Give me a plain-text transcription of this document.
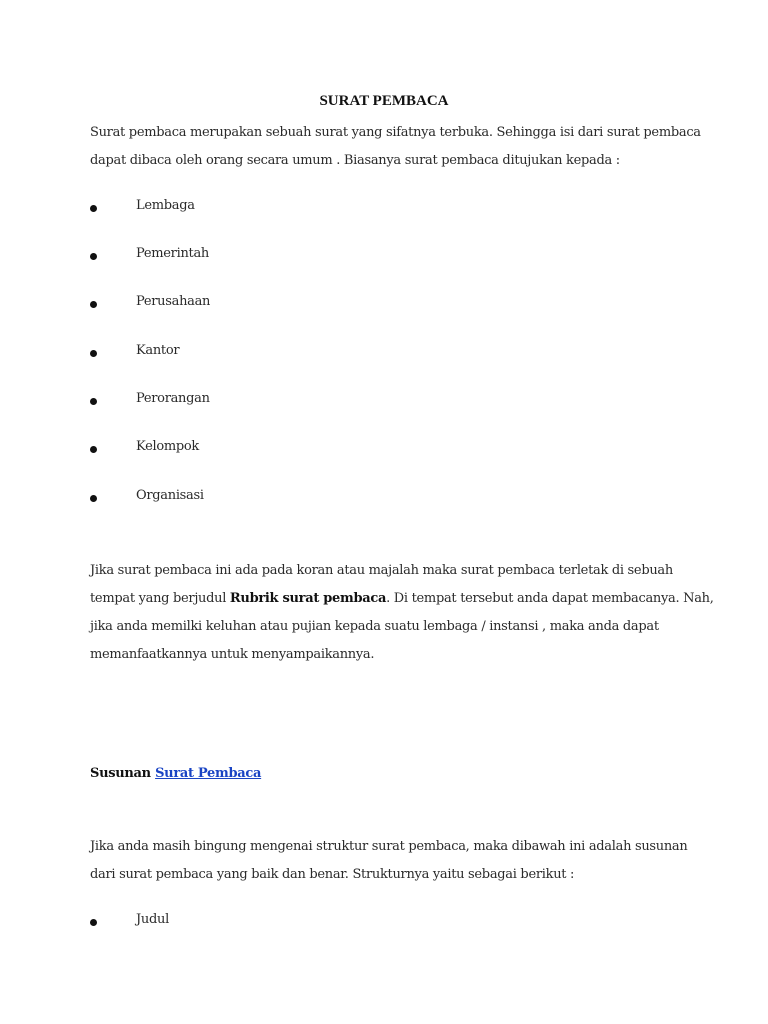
SURAT PEMBACA
Surat pembaca merupakan sebuah surat yang sifatnya terbuka. Sehingga isi dari surat pembaca
dapat dibaca oleh orang secara umum . Biasanya surat pembaca ditujukan kepada :
Lembaga
Pemerintah
Perusahaan
Kantor
Perorangan
Kelompok
Organisasi
Jika surat pembaca ini ada pada koran atau majalah maka surat pembaca terletak di sebuah
tempat yang berjudul Rubrik surat pembaca. Di tempat tersebut anda dapat membacanya. Nah,
jika anda memilki keluhan atau pujian kepada suatu lembaga / instansi , maka anda dapat
memanfaatkannya untuk menyampaikannya.
Susunan Surat Pembaca
Jika anda masih bingung mengenai struktur surat pembaca, maka dibawah ini adalah susunan
dari surat pembaca yang baik dan benar. Strukturnya yaitu sebagai berikut :
Judul
